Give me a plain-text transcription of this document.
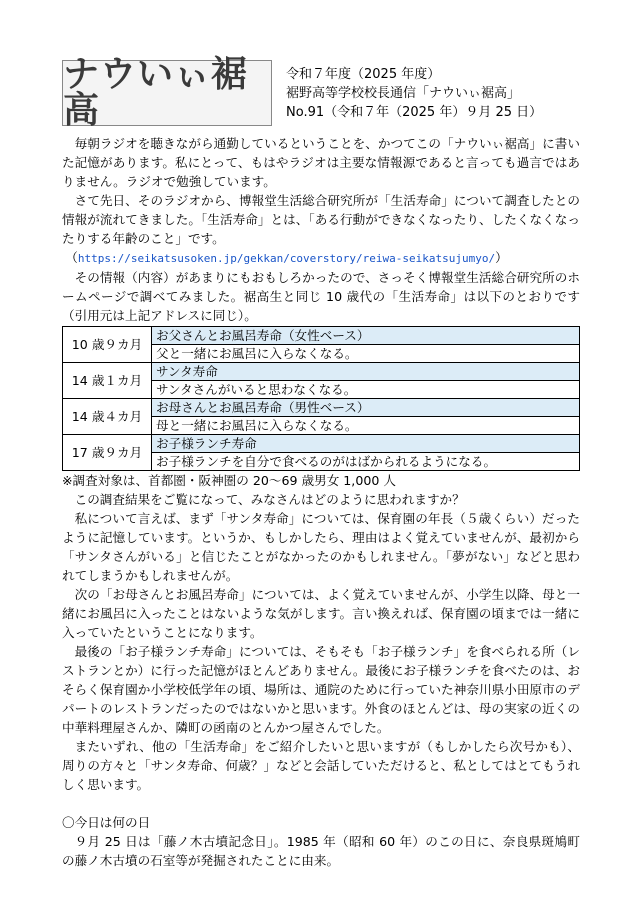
ナウいぃ裾高
令和７年度（2025 年度）
裾野高等学校校長通信「ナウいぃ裾高」
No.91（令和７年（2025 年）９月 25 日）

毎朝ラジオを聴きながら通勤しているということを、かつてこの「ナウいぃ裾高」に書いた記憶があります。私にとって、もはやラジオは主要な情報源であると言っても過言ではありません。ラジオで勉強しています。

さて先日、そのラジオから、博報堂生活総合研究所が「生活寿命」について調査したとの情報が流れてきました。「生活寿命」とは、「ある行動ができなくなったり、したくなくなったりする年齢のこと」です。

（https://seikatsusoken.jp/gekkan/coverstory/reiwa-seikatsujumyo/）

その情報（内容）があまりにもおもしろかったので、さっそく博報堂生活総合研究所のホームページで調べてみました。裾高生と同じ 10 歳代の「生活寿命」は以下のとおりです（引用元は上記アドレスに同じ）。

10 歳９カ月	お父さんとお風呂寿命（女性ベース）
	父と一緒にお風呂に入らなくなる。
14 歳１カ月	サンタ寿命
	サンタさんがいると思わなくなる。
14 歳４カ月	お母さんとお風呂寿命（男性ベース）
	母と一緒にお風呂に入らなくなる。
17 歳９カ月	お子様ランチ寿命
	お子様ランチを自分で食べるのがはばかられるようになる。

※調査対象は、首都圏・阪神圏の 20～69 歳男女 1,000 人

この調査結果をご覧になって、みなさんはどのように思われますか？

私について言えば、まず「サンタ寿命」については、保育園の年長（５歳くらい）だったように記憶しています。というか、もしかしたら、理由はよく覚えていませんが、最初から「サンタさんがいる」と信じたことがなかったのかもしれません。「夢がない」などと思われてしまうかもしれませんが。

次の「お母さんとお風呂寿命」については、よく覚えていませんが、小学生以降、母と一緒にお風呂に入ったことはないような気がします。言い換えれば、保育園の頃までは一緒に入っていたということになります。

最後の「お子様ランチ寿命」については、そもそも「お子様ランチ」を食べられる所（レストランとか）に行った記憶がほとんどありません。最後にお子様ランチを食べたのは、おそらく保育園か小学校低学年の頃、場所は、通院のために行っていた神奈川県小田原市のデパートのレストランだったのではないかと思います。外食のほとんどは、母の実家の近くの中華料理屋さんか、隣町の函南のとんかつ屋さんでした。

またいずれ、他の「生活寿命」をご紹介したいと思いますが（もしかしたら次号かも）、周りの方々と「サンタ寿命、何歳？」などと会話していただけると、私としてはとてもうれしく思います。

〇今日は何の日

９月 25 日は「藤ノ木古墳記念日」。1985 年（昭和 60 年）のこの日に、奈良県斑鳩町の藤ノ木古墳の石室等が発掘されたことに由来。
